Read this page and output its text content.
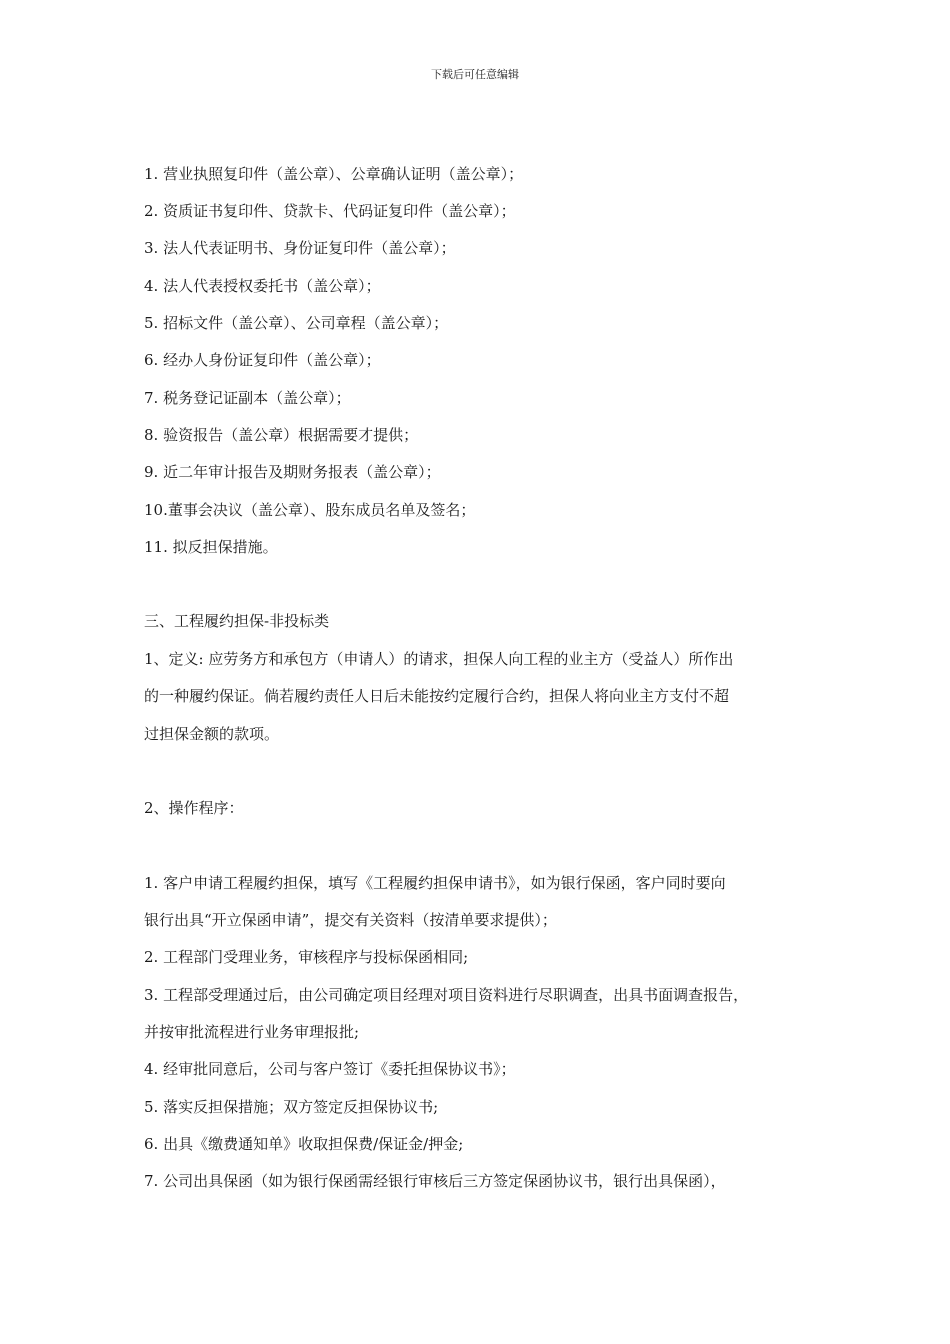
下载后可任意编辑
1. 营业执照复印件（盖公章）、公章确认证明（盖公章）；
2. 资质证书复印件、贷款卡、代码证复印件（盖公章）；
3. 法人代表证明书、身份证复印件（盖公章）；
4. 法人代表授权委托书（盖公章）；
5. 招标文件（盖公章）、公司章程（盖公章）；
6. 经办人身份证复印件（盖公章）；
7. 税务登记证副本（盖公章）；
8. 验资报告（盖公章）根据需要才提供；
9. 近二年审计报告及期财务报表（盖公章）；
10.董事会决议（盖公章）、股东成员名单及签名；
11. 拟反担保措施。
三、工程履约担保-非投标类
1、定义: 应劳务方和承包方（申请人）的请求，担保人向工程的业主方（受益人）所作出
的一种履约保证。倘若履约责任人日后未能按约定履行合约，担保人将向业主方支付不超
过担保金额的款项。
2、操作程序：
1. 客户申请工程履约担保，填写《工程履约担保申请书》，如为银行保函，客户同时要向
银行出具“开立保函申请”，提交有关资料（按清单要求提供）；
2. 工程部门受理业务，审核程序与投标保函相同;
3. 工程部受理通过后，由公司确定项目经理对项目资料进行尽职调查，出具书面调查报告，
并按审批流程进行业务审理报批;
4. 经审批同意后，公司与客户签订《委托担保协议书》；
5. 落实反担保措施；双方签定反担保协议书;
6. 出具《缴费通知单》收取担保费/保证金/押金;
7. 公司出具保函（如为银行保函需经银行审核后三方签定保函协议书，银行出具保函），
